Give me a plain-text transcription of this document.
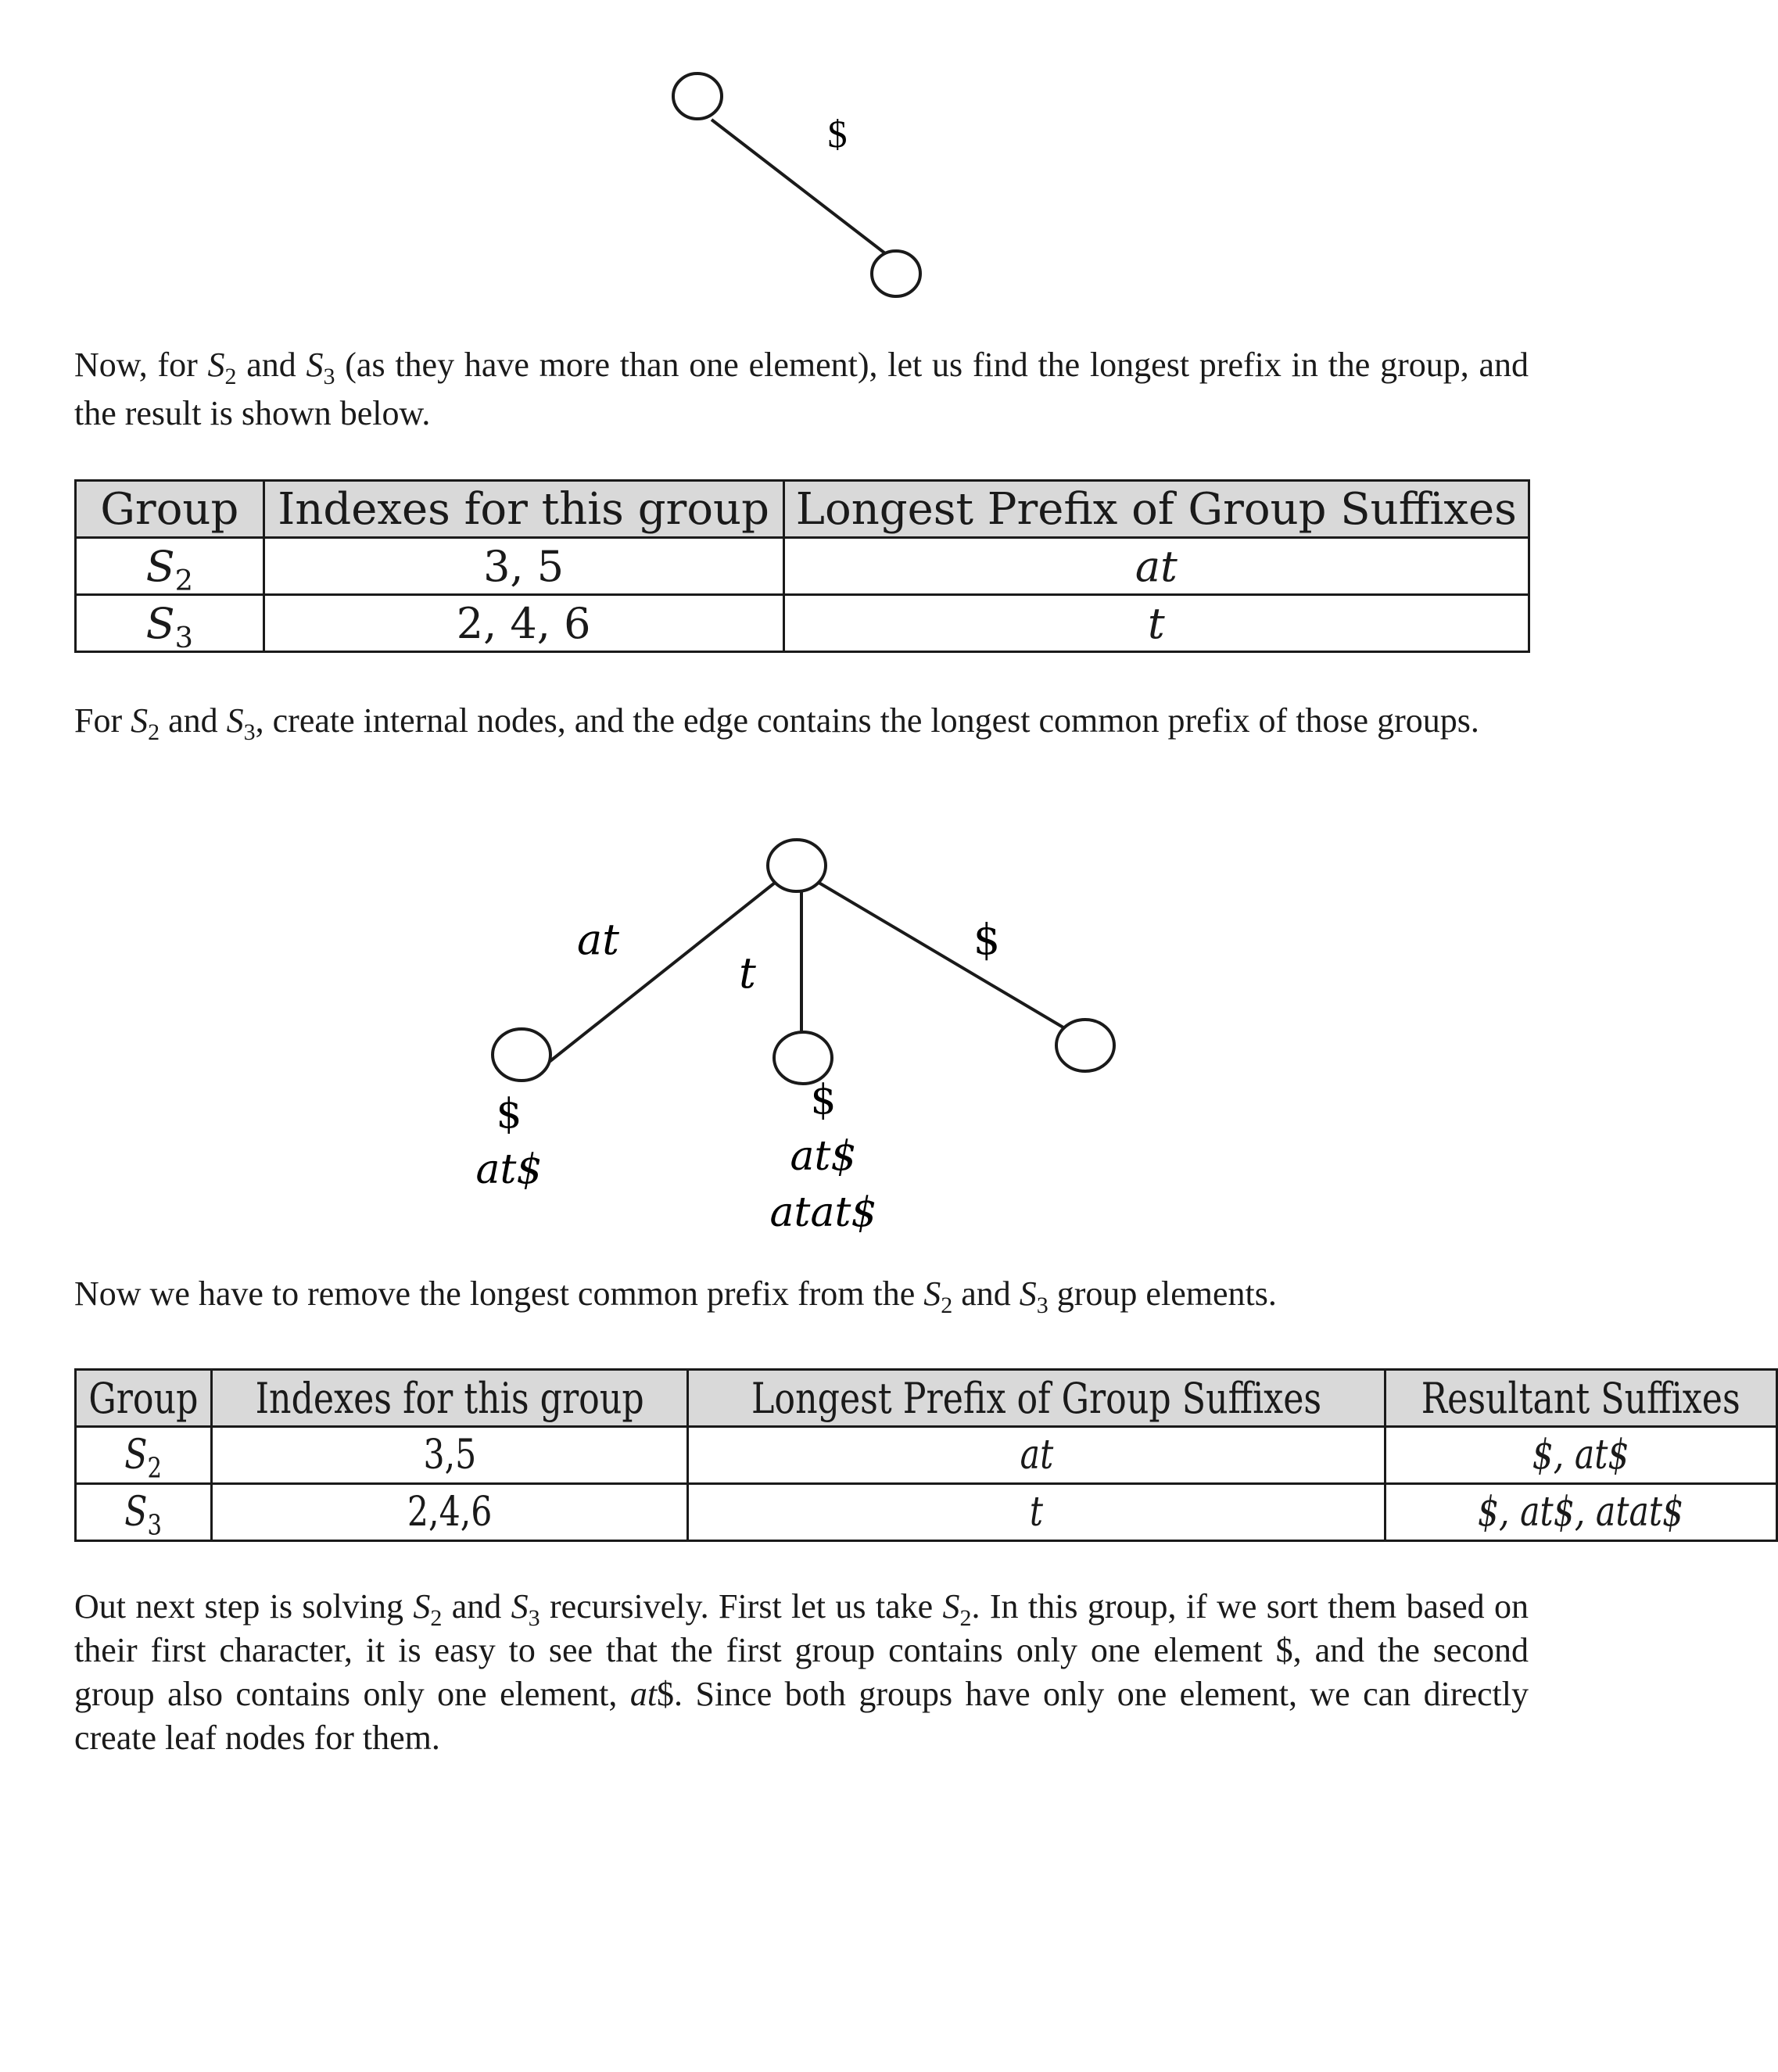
$

Now, for $S_2$ and $S_3$ (as they have more than one element), let us find the longest prefix in the group, and the result is shown below.

Group	Indexes for this group	Longest Prefix of Group Suffixes
$S_2$	3, 5	at
$S_3$	2, 4, 6	t

For $S_2$ and $S_3$, create internal nodes, and the edge contains the longest common prefix of those groups.

at
t
$
$
at$
$
at$
atat$

Now we have to remove the longest common prefix from the $S_2$ and $S_3$ group elements.

Group	Indexes for this group	Longest Prefix of Group Suffixes	Resultant Suffixes
$S_2$	3,5	at	$, at$
$S_3$	2,4,6	t	$, at$, atat$

Out next step is solving $S_2$ and $S_3$ recursively. First let us take $S_2$. In this group, if we sort them based on their first character, it is easy to see that the first group contains only one element $, and the second group also contains only one element, at$. Since both groups have only one element, we can directly create leaf nodes for them.
